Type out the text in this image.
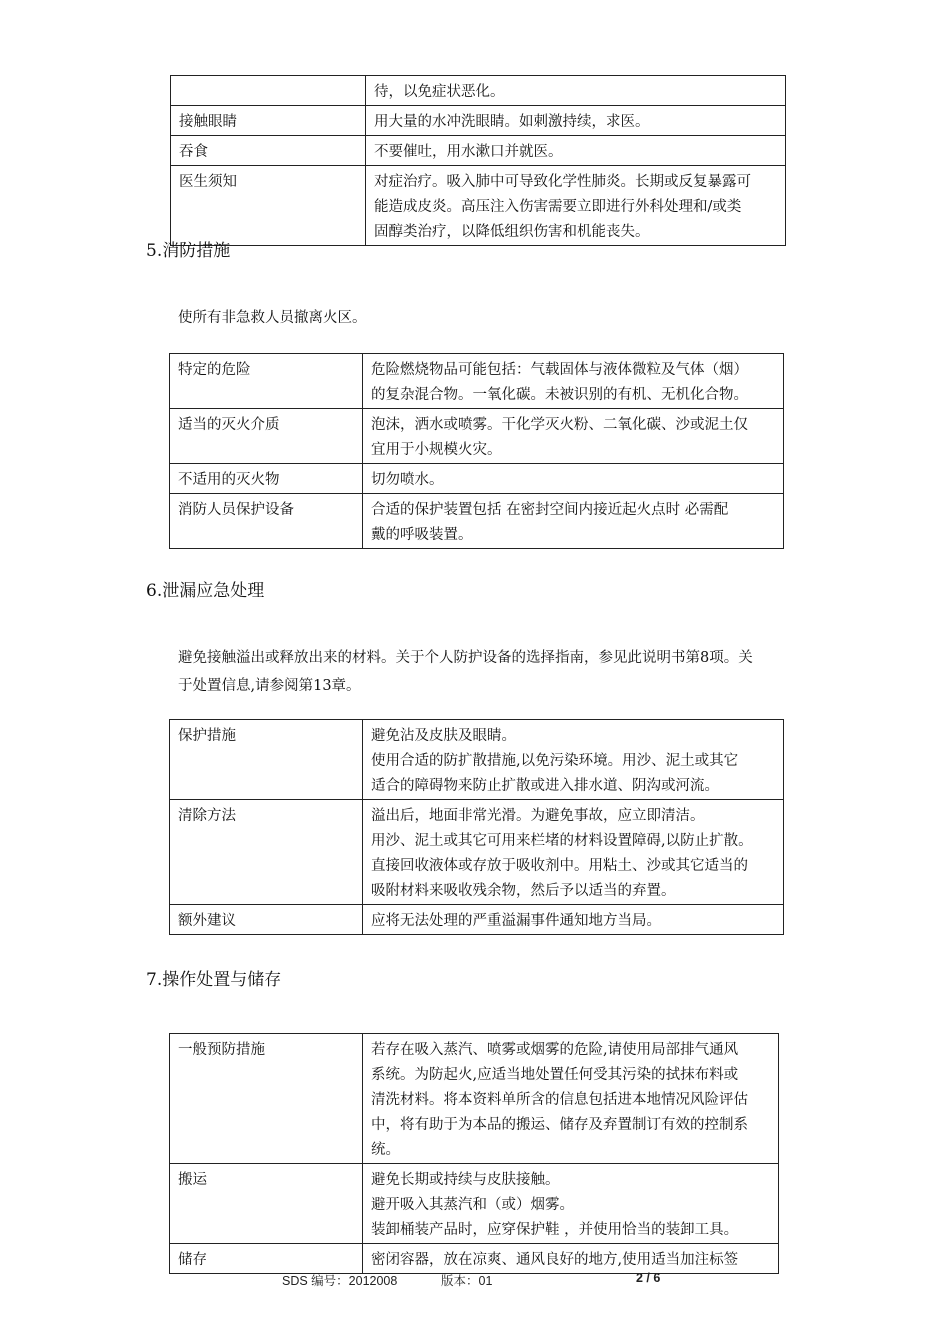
	待，以免症状恶化。

接触眼睛	用大量的水冲洗眼睛。如刺激持续，求医。

吞食	不要催吐，用水漱口并就医。

医生须知	对症治疗。吸入肺中可导致化学性肺炎。长期或反复暴露可
能造成皮炎。高压注入伤害需要立即进行外科处理和/或类
固醇类治疗，以降低组织伤害和机能丧失。
5.消防措施
使所有非急救人员撤离火区。
特定的危险	危险燃烧物品可能包括：气载固体与液体微粒及气体（烟）
的复杂混合物。一氧化碳。未被识别的有机、无机化合物。

适当的灭火介质	泡沫，洒水或喷雾。干化学灭火粉、二氧化碳、沙或泥土仅
宜用于小规模火灾。

不适用的灭火物	切勿喷水。

消防人员保护设备	合适的保护装置包括 在密封空间内接近起火点时 必需配
戴的呼吸装置。
6.泄漏应急处理
避免接触溢出或释放出来的材料。关于个人防护设备的选择指南，参见此说明书第8项。关
于处置信息,请参阅第13章。
保护措施	避免沾及皮肤及眼睛。
使用合适的防扩散措施,以免污染环境。用沙、泥土或其它
适合的障碍物来防止扩散或进入排水道、阴沟或河流。

清除方法	溢出后，地面非常光滑。为避免事故，应立即清洁。
用沙、泥土或其它可用来栏堵的材料设置障碍,以防止扩散。
直接回收液体或存放于吸收剂中。用粘土、沙或其它适当的
吸附材料来吸收残余物，然后予以适当的弃置。

额外建议	应将无法处理的严重溢漏事件通知地方当局。
7.操作处置与储存
一般预防措施	若存在吸入蒸汽、喷雾或烟雾的危险,请使用局部排气通风
系统。为防起火,应适当地处置任何受其污染的拭抹布料或
清洗材料。将本资料单所含的信息包括进本地情况风险评估
中，将有助于为本品的搬运、储存及弃置制订有效的控制系
统。

搬运	避免长期或持续与皮肤接触。
避开吸入其蒸汽和（或）烟雾。
装卸桶装产品时，应穿保护鞋 ，并使用恰当的装卸工具。

储存	密闭容器，放在凉爽、通风良好的地方,使用适当加注标签
SDS 编号：2012008	版本：01	2 / 6
